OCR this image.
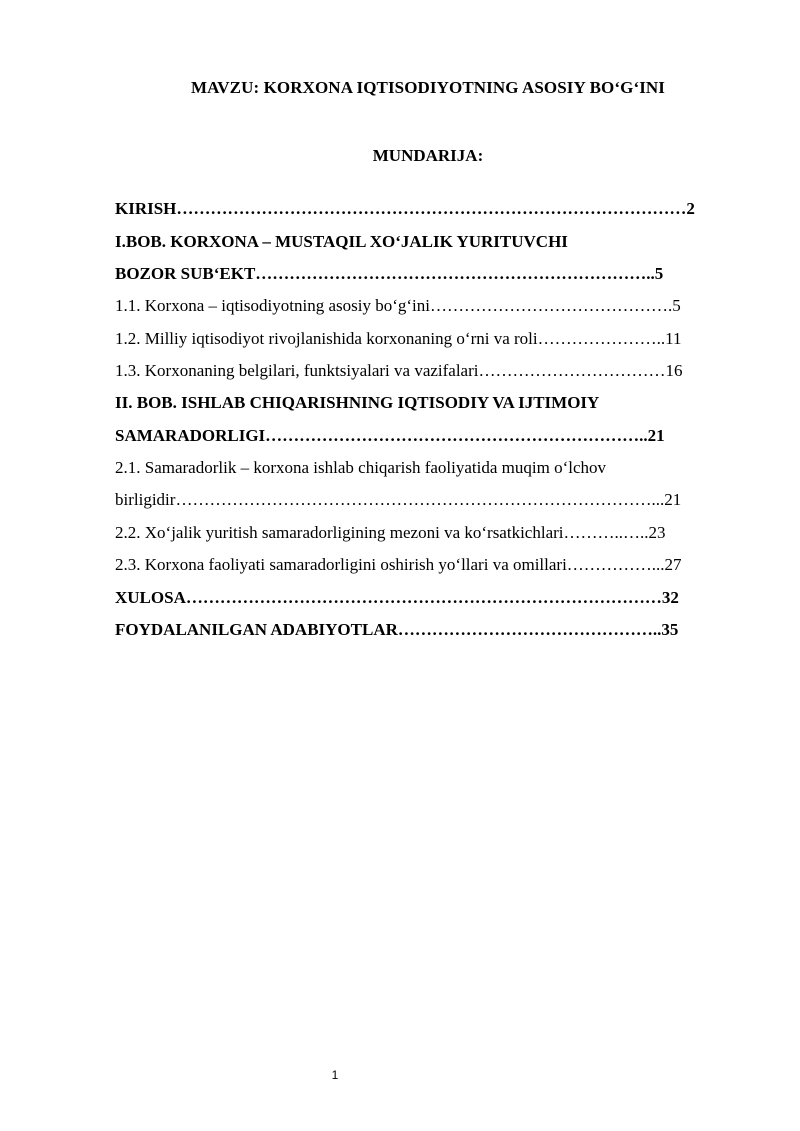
MAVZU: KORXONA IQTISODIYOTNING ASOSIY BO‘G‘INI
MUNDARIJA:
KIRISH………………………………………………………………………………2
I.BOB. KORXONA – MUSTAQIL XO‘JALIK YURITUVCHI
BOZOR SUB‘EKT……………………………………………………………..5
1.1. Korxona – iqtisodiyotning asosiy bo‘g‘ini…………………………………….5
1.2. Milliy iqtisodiyot rivojlanishida korxonaning o‘rni va roli…………………..11
1.3. Korxonaning belgilari, funktsiyalari va vazifalari……………………………16
II. BOB. ISHLAB CHIQARISHNING IQTISODIY VA IJTIMOIY
SAMARADORLIGI…………………………………………………………..21
2.1. Samaradorlik – korxona ishlab chiqarish faoliyatida muqim o‘lchov
birligidir…………………………………………………………………………...21
2.2. Xo‘jalik yuritish samaradorligining mezoni va ko‘rsatkichlari………..…..23
2.3. Korxona faoliyati samaradorligini oshirish yo‘llari va omillari……………...27
XULOSA…………………………………………………………………………32
FOYDALANILGAN ADABIYOTLAR………………………………………..35
1
